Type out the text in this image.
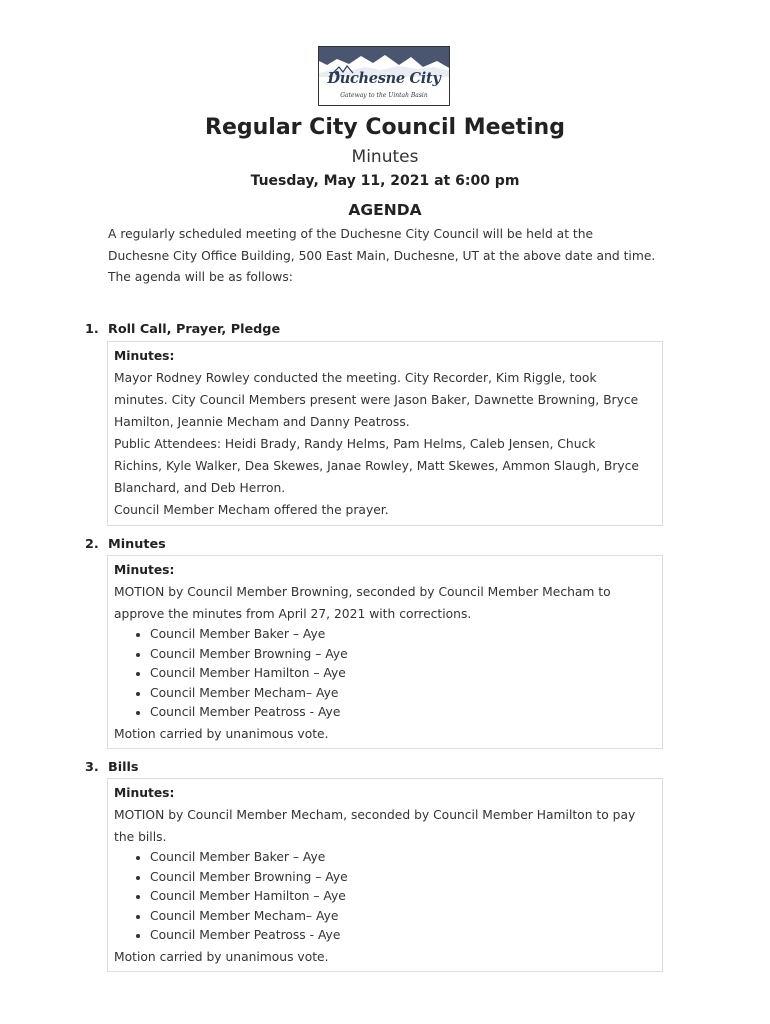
Duchesne City
Gateway to the Uintah Basin
Regular City Council Meeting
Minutes
Tuesday, May 11, 2021 at 6:00 pm
AGENDA

A regularly scheduled meeting of the Duchesne City Council will be held at the

Duchesne City Office Building, 500 East Main, Duchesne, UT at the above date and time.

The agenda will be as follows:

1. Roll Call, Prayer, Pledge
Minutes:
Mayor Rodney Rowley conducted the meeting. City Recorder, Kim Riggle, took
minutes. City Council Members present were Jason Baker, Dawnette Browning, Bryce
Hamilton, Jeannie Mecham and Danny Peatross.
Public Attendees: Heidi Brady, Randy Helms, Pam Helms, Caleb Jensen, Chuck
Richins, Kyle Walker, Dea Skewes, Janae Rowley, Matt Skewes, Ammon Slaugh, Bryce
Blanchard, and Deb Herron.
Council Member Mecham offered the prayer.
2. Minutes
Minutes:
MOTION by Council Member Browning, seconded by Council Member Mecham to
approve the minutes from April 27, 2021 with corrections.
• Council Member Baker – Aye
• Council Member Browning – Aye
• Council Member Hamilton – Aye
• Council Member Mecham– Aye
• Council Member Peatross - Aye
Motion carried by unanimous vote.
3. Bills
Minutes:
MOTION by Council Member Mecham, seconded by Council Member Hamilton to pay
the bills.
• Council Member Baker – Aye
• Council Member Browning – Aye
• Council Member Hamilton – Aye
• Council Member Mecham– Aye
• Council Member Peatross - Aye
Motion carried by unanimous vote.
